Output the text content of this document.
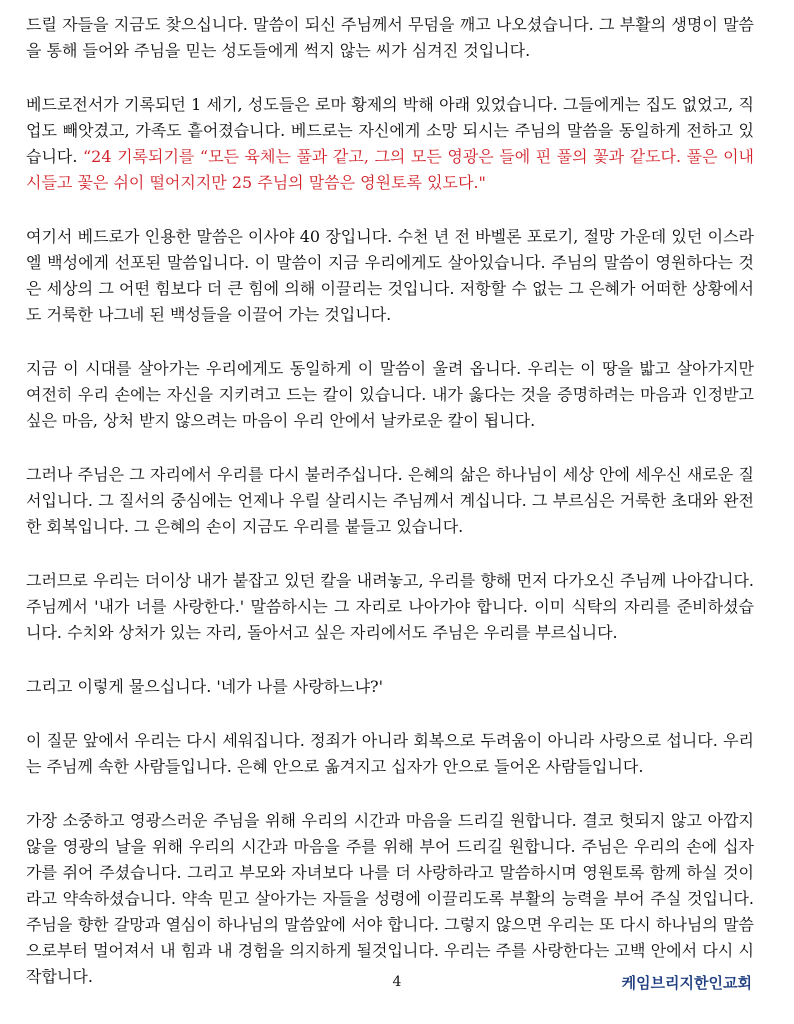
드릴 자들을 지금도 찾으십니다. 말씀이 되신 주님께서 무덤을 깨고 나오셨습니다. 그 부활의 생명이 말씀을 통해 들어와 주님을 믿는 성도들에게 썩지 않는 씨가 심겨진 것입니다.

베드로전서가 기록되던 1 세기, 성도들은 로마 황제의 박해 아래 있었습니다. 그들에게는 집도 없었고, 직업도 빼앗겼고, 가족도 흩어졌습니다. 베드로는 자신에게 소망 되시는 주님의 말씀을 동일하게 전하고 있습니다. “24 기록되기를 “모든 육체는 풀과 같고, 그의 모든 영광은 들에 핀 풀의 꽃과 같도다. 풀은 이내 시들고 꽃은 쉬이 떨어지지만 25 주님의 말씀은 영원토록 있도다."

여기서 베드로가 인용한 말씀은 이사야 40 장입니다. 수천 년 전 바벨론 포로기, 절망 가운데 있던 이스라엘 백성에게 선포된 말씀입니다. 이 말씀이 지금 우리에게도 살아있습니다. 주님의 말씀이 영원하다는 것은 세상의 그 어떤 힘보다 더 큰 힘에 의해 이끌리는 것입니다. 저항할 수 없는 그 은혜가 어떠한 상황에서도 거룩한 나그네 된 백성들을 이끌어 가는 것입니다.

지금 이 시대를 살아가는 우리에게도 동일하게 이 말씀이 울려 옵니다. 우리는 이 땅을 밟고 살아가지만 여전히 우리 손에는 자신을 지키려고 드는 칼이 있습니다. 내가 옳다는 것을 증명하려는 마음과 인정받고 싶은 마음, 상처 받지 않으려는 마음이 우리 안에서 날카로운 칼이 됩니다.

그러나 주님은 그 자리에서 우리를 다시 불러주십니다. 은혜의 삶은 하나님이 세상 안에 세우신 새로운 질서입니다. 그 질서의 중심에는 언제나 우릴 살리시는 주님께서 계십니다. 그 부르심은 거룩한 초대와 완전한 회복입니다. 그 은혜의 손이 지금도 우리를 붙들고 있습니다.

그러므로 우리는 더이상 내가 붙잡고 있던 칼을 내려놓고, 우리를 향해 먼저 다가오신 주님께 나아갑니다. 주님께서 '내가 너를 사랑한다.' 말씀하시는 그 자리로 나아가야 합니다. 이미 식탁의 자리를 준비하셨습니다. 수치와 상처가 있는 자리, 돌아서고 싶은 자리에서도 주님은 우리를 부르십니다.

그리고 이렇게 물으십니다. '네가 나를 사랑하느냐?'

이 질문 앞에서 우리는 다시 세워집니다. 정죄가 아니라 회복으로 두려움이 아니라 사랑으로 섭니다. 우리는 주님께 속한 사람들입니다. 은혜 안으로 옮겨지고 십자가 안으로 들어온 사람들입니다.

가장 소중하고 영광스러운 주님을 위해 우리의 시간과 마음을 드리길 원합니다. 결코 헛되지 않고 아깝지 않을 영광의 날을 위해 우리의 시간과 마음을 주를 위해 부어 드리길 원합니다. 주님은 우리의 손에 십자가를 쥐어 주셨습니다. 그리고 부모와 자녀보다 나를 더 사랑하라고 말씀하시며 영원토록 함께 하실 것이라고 약속하셨습니다. 약속 믿고 살아가는 자들을 성령에 이끌리도록 부활의 능력을 부어 주실 것입니다. 주님을 향한 갈망과 열심이 하나님의 말씀앞에 서야 합니다. 그렇지 않으면 우리는 또 다시 하나님의 말씀으로부터 멀어져서 내 힘과 내 경험을 의지하게 될것입니다. 우리는 주를 사랑한다는 고백 안에서 다시 시작합니다.	4	케임브리지한인교회
